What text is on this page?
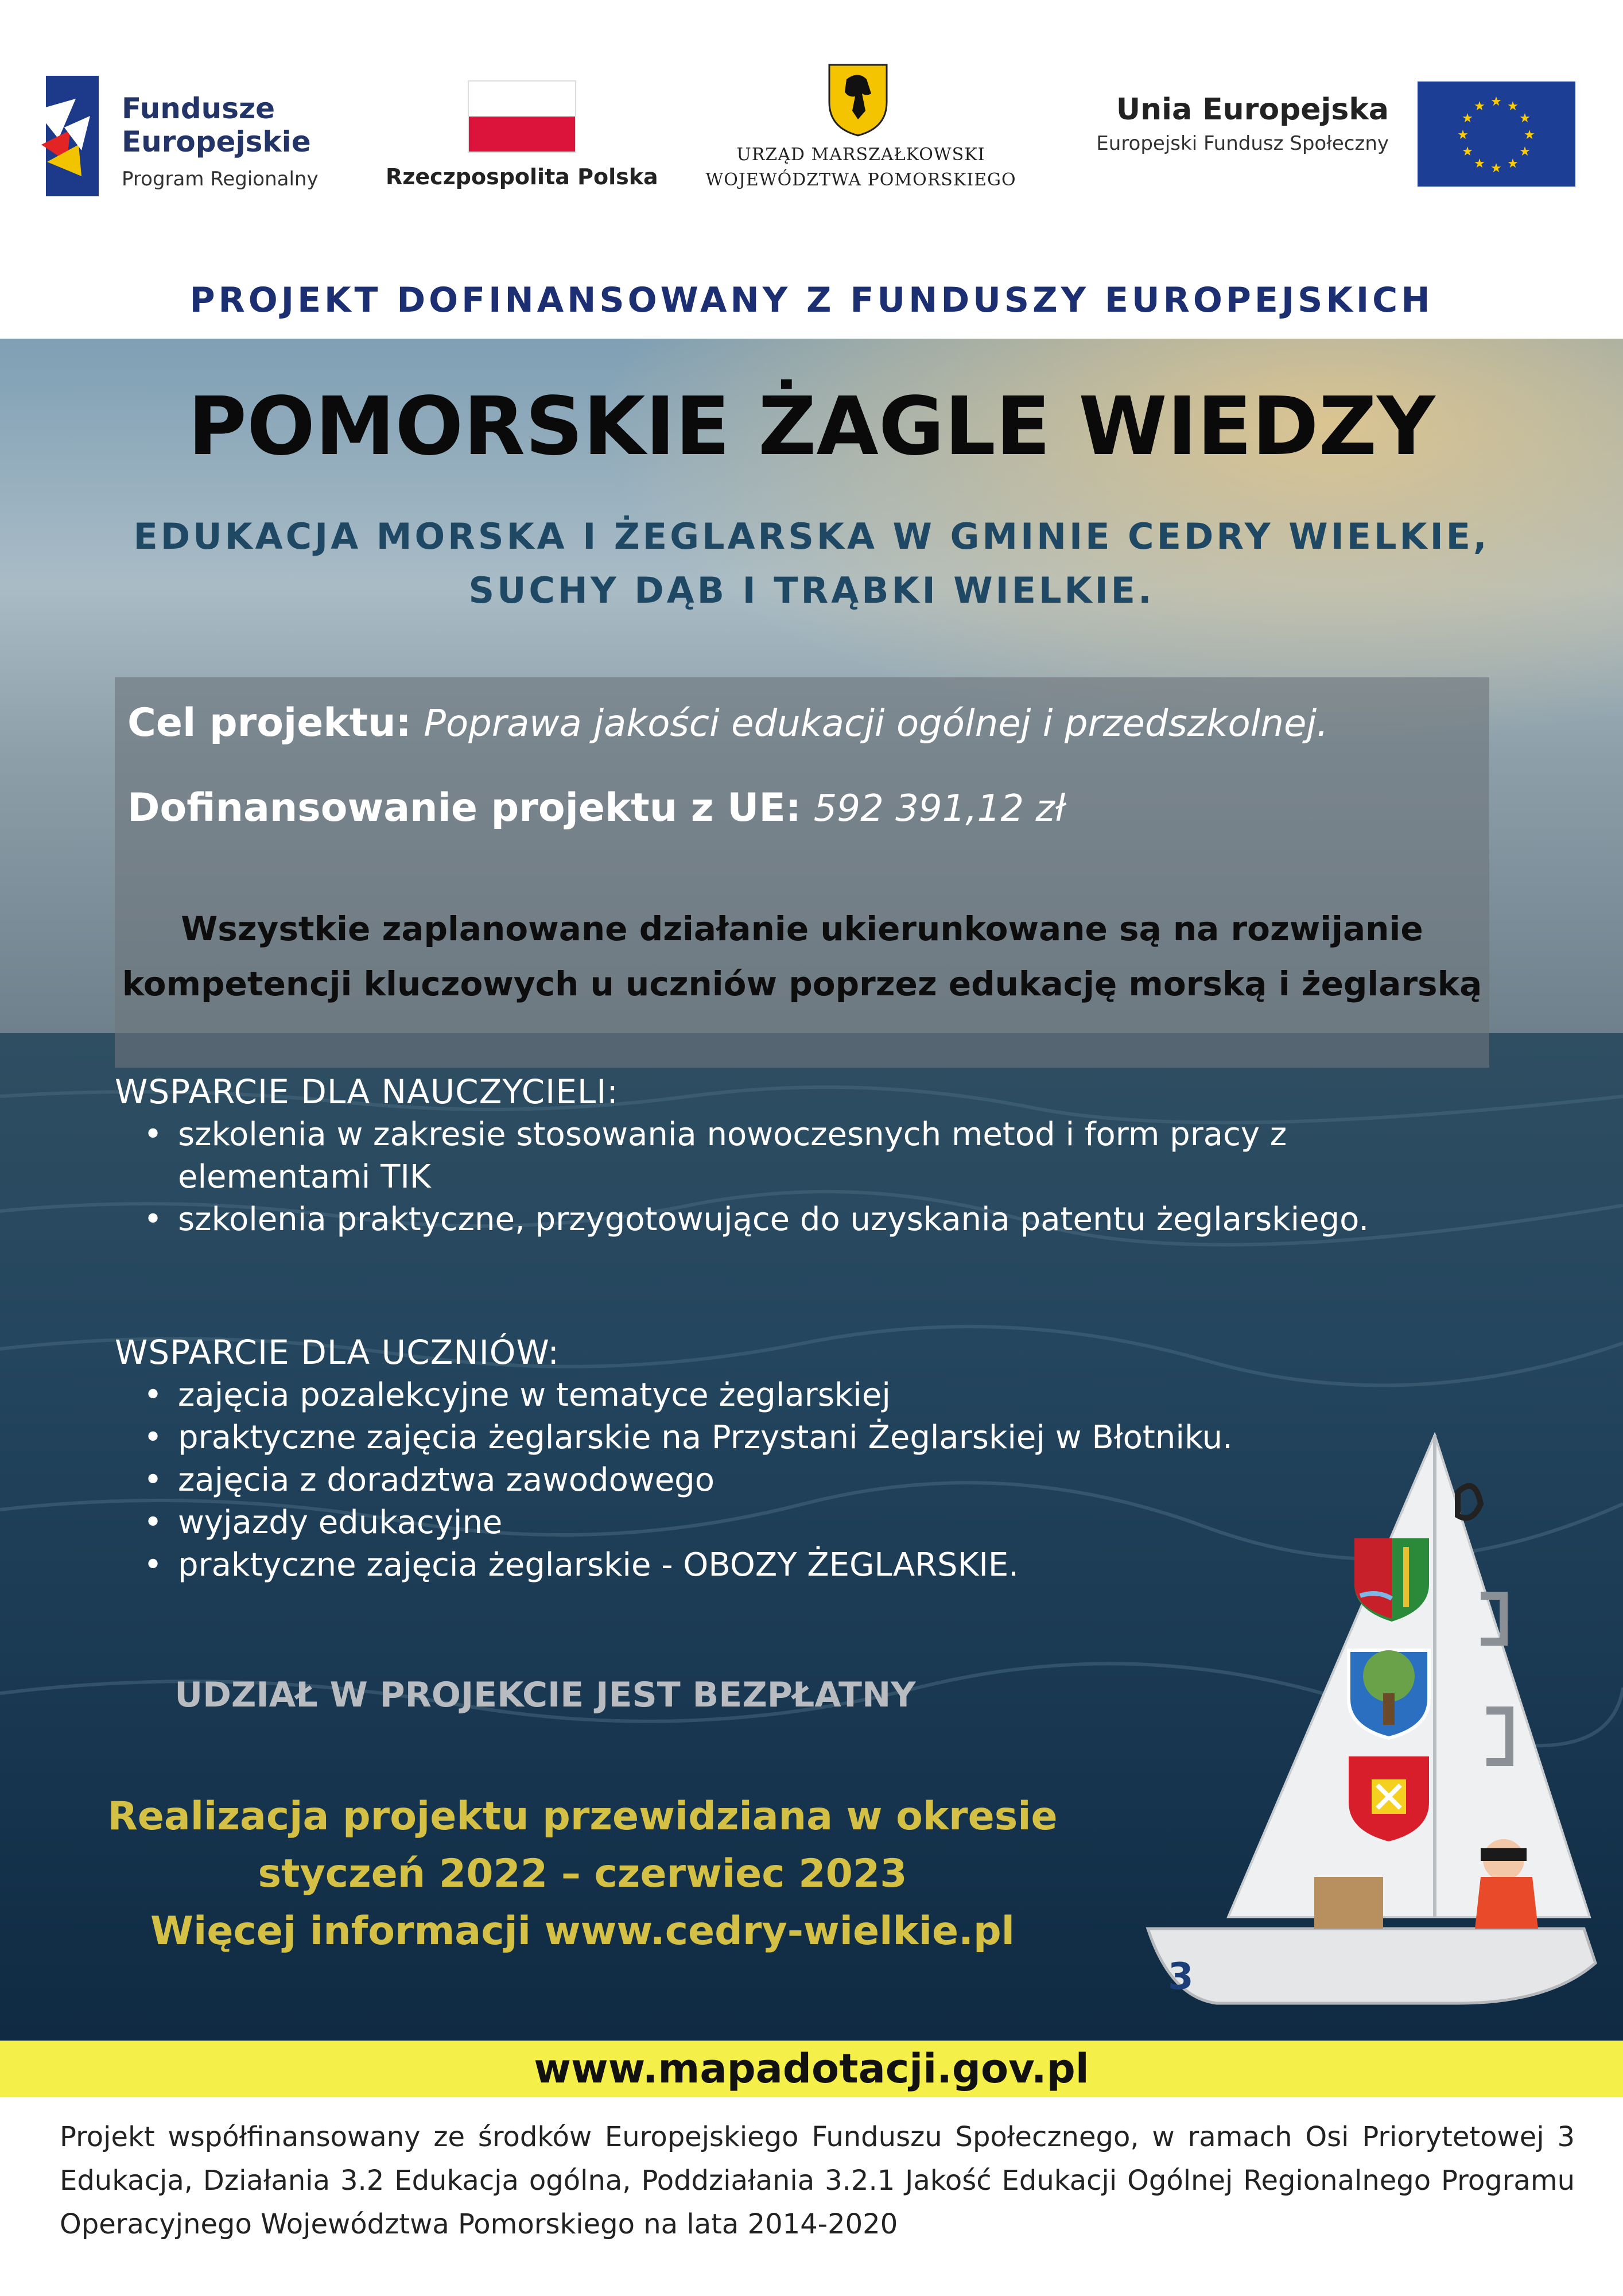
Fundusze
Europejskie
Program Regionalny	Rzeczpospolita Polska
URZĄD MARSZAŁKOWSKI
WOJEWÓDZTWA POMORSKIEGO
Unia Europejska
Europejski Fundusz Społeczny
★ ★
★
★
★
★
★
★
★
★
★
★
PROJEKT DOFINANSOWANY Z FUNDUSZY EUROPEJSKICH
POMORSKIE ŻAGLE WIEDZY
EDUKACJA MORSKA I ŻEGLARSKA W GMINIE CEDRY WIELKIE,
SUCHY DĄB I TRĄBKI WIELKIE.
Cel projektu: Poprawa jakości edukacji ogólnej i przedszkolnej.
Dofinansowanie projektu z UE: 592 391,12 zł
Wszystkie zaplanowane działanie ukierunkowane są na rozwijanie
kompetencji kluczowych u uczniów poprzez edukację morską i żeglarską
WSPARCIE DLA NAUCZYCIELI:
• szkolenia w zakresie stosowania nowoczesnych metod i form pracy z elementami TIK
• szkolenia praktyczne, przygotowujące do uzyskania patentu żeglarskiego.
WSPARCIE DLA UCZNIÓW:
• zajęcia pozalekcyjne w tematyce żeglarskiej
• praktyczne zajęcia żeglarskie na Przystani Żeglarskiej w Błotniku.
• zajęcia z doradztwa zawodowego
• wyjazdy edukacyjne
• praktyczne zajęcia żeglarskie - OBOZY ŻEGLARSKIE.
UDZIAŁ W PROJEKCIE JEST BEZPŁATNY
Realizacja projektu przewidziana w okresie
styczeń 2022 – czerwiec 2023
Więcej informacji www.cedry-wielkie.pl
3
www.mapadotacji.gov.pl
Projekt współfinansowany ze środków Europejskiego Funduszu Społecznego, w ramach Osi Priorytetowej 3 Edukacja, Działania 3.2 Edukacja ogólna, Poddziałania 3.2.1 Jakość Edukacji Ogólnej Regionalnego Programu Operacyjnego Województwa Pomorskiego na lata 2014-2020
